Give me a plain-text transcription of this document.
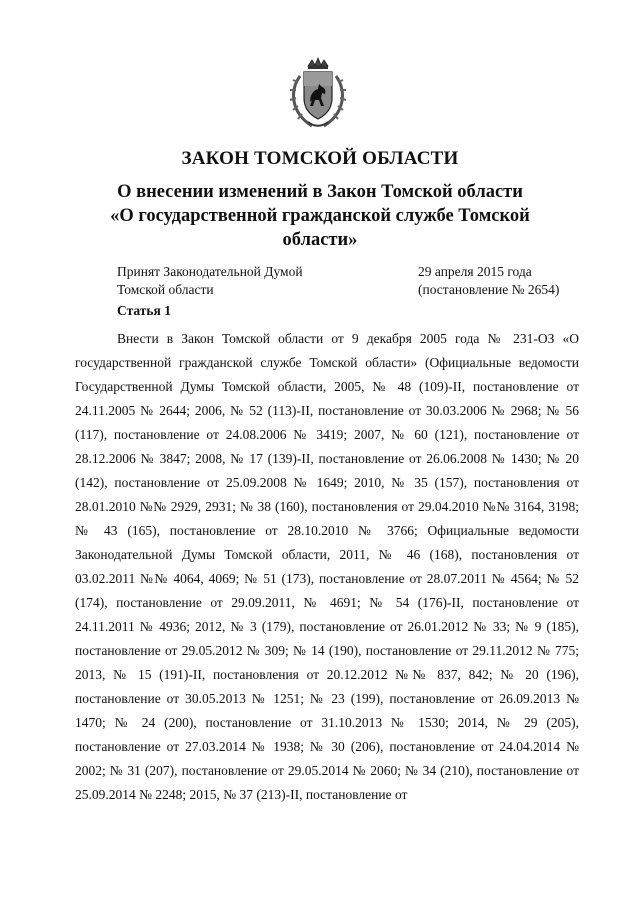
ЗАКОН ТОМСКОЙ ОБЛАСТИ
О внесении изменений в Закон Томской области
«О государственной гражданской службе Томской
области»
Принят Законодательной Думой
Томской области
29 апреля 2015 года
(постановление № 2654)
Статья 1

Внести в Закон Томской области от 9 декабря 2005 года № 231-ОЗ «О государственной гражданской службе Томской области» (Официальные ведомости Государственной Думы Томской области, 2005, № 48 (109)-II, постановление от 24.11.2005 № 2644; 2006, № 52 (113)-II, постановление от 30.03.2006 № 2968; № 56 (117), постановление от 24.08.2006 № 3419; 2007, № 60 (121), постановление от 28.12.2006 № 3847; 2008, № 17 (139)-II, постановление от 26.06.2008 № 1430; № 20 (142), постановление от 25.09.2008 № 1649; 2010, № 35 (157), постановления от 28.01.2010 №№ 2929, 2931; № 38 (160), постановления от 29.04.2010 №№ 3164, 3198; № 43 (165), постановление от 28.10.2010 № 3766; Официальные ведомости Законодательной Думы Томской области, 2011, № 46 (168), постановления от 03.02.2011 №№ 4064, 4069; № 51 (173), постановление от 28.07.2011 № 4564; № 52 (174), постановление от 29.09.2011, № 4691; № 54 (176)-II, постановление от 24.11.2011 № 4936; 2012, № 3 (179), постановление от 26.01.2012 № 33; № 9 (185), постановление от 29.05.2012 № 309; № 14 (190), постановление от 29.11.2012 № 775; 2013, № 15 (191)-II, постановления от 20.12.2012 №№ 837, 842; № 20 (196), постановление от 30.05.2013 № 1251; № 23 (199), постановление от 26.09.2013 № 1470; № 24 (200), постановление от 31.10.2013 № 1530; 2014, № 29 (205), постановление от 27.03.2014 № 1938; № 30 (206), постановление от 24.04.2014 № 2002; № 31 (207), постановление от 29.05.2014 № 2060; № 34 (210), постановление от 25.09.2014 № 2248; 2015, № 37 (213)-II, постановление от
